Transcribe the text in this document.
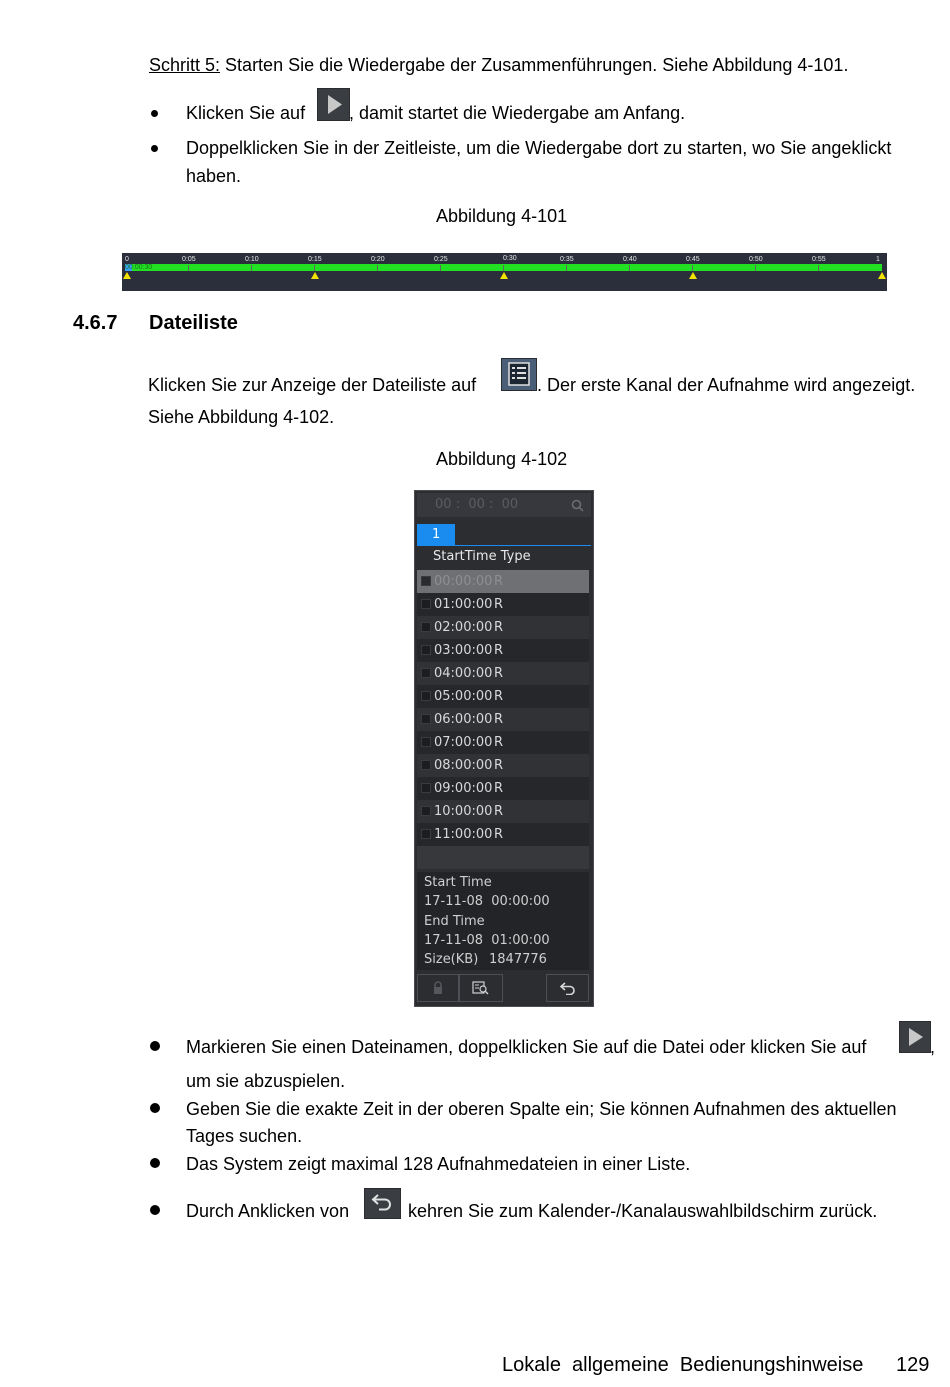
Schritt 5: Starten Sie die Wiedergabe der Zusammenführungen. Siehe Abbildung 4-101.
Klicken Sie auf , damit startet die Wiedergabe am Anfang.
Doppelklicken Sie in der Zeitleiste, um die Wiedergabe dort zu starten, wo Sie angeklickt
haben.
Abbildung 4-101
0	0:05	0:10	0:15	0:20	0:25	0:30	0:35	0:40	0:45	0:50	0:55	1
00:00:30
4.6.7 Dateiliste
Klicken Sie zur Anzeige der Dateiliste auf	. Der erste Kanal der Aufnahme wird angezeigt.
Siehe Abbildung 4-102.
Abbildung 4-102
00 :  00 :  00
1
StartTime Type
00:00:00 R
01:00:00 R
02:00:00 R
03:00:00 R
04:00:00 R
05:00:00 R
06:00:00 R
07:00:00 R
08:00:00 R
09:00:00 R
10:00:00 R
11:00:00 R
Start Time
17-11-08  00:00:00
End Time
17-11-08  01:00:00
Size(KB) 1847776
Markieren Sie einen Dateinamen, doppelklicken Sie auf die Datei oder klicken Sie auf	,
um sie abzuspielen.
Geben Sie die exakte Zeit in der oberen Spalte ein; Sie können Aufnahmen des aktuellen
Tages suchen.
Das System zeigt maximal 128 Aufnahmedateien in einer Liste.
Durch Anklicken von	kehren Sie zum Kalender-/Kanalauswahlbildschirm zurück.
Lokale  allgemeine  Bedienungshinweise 129
